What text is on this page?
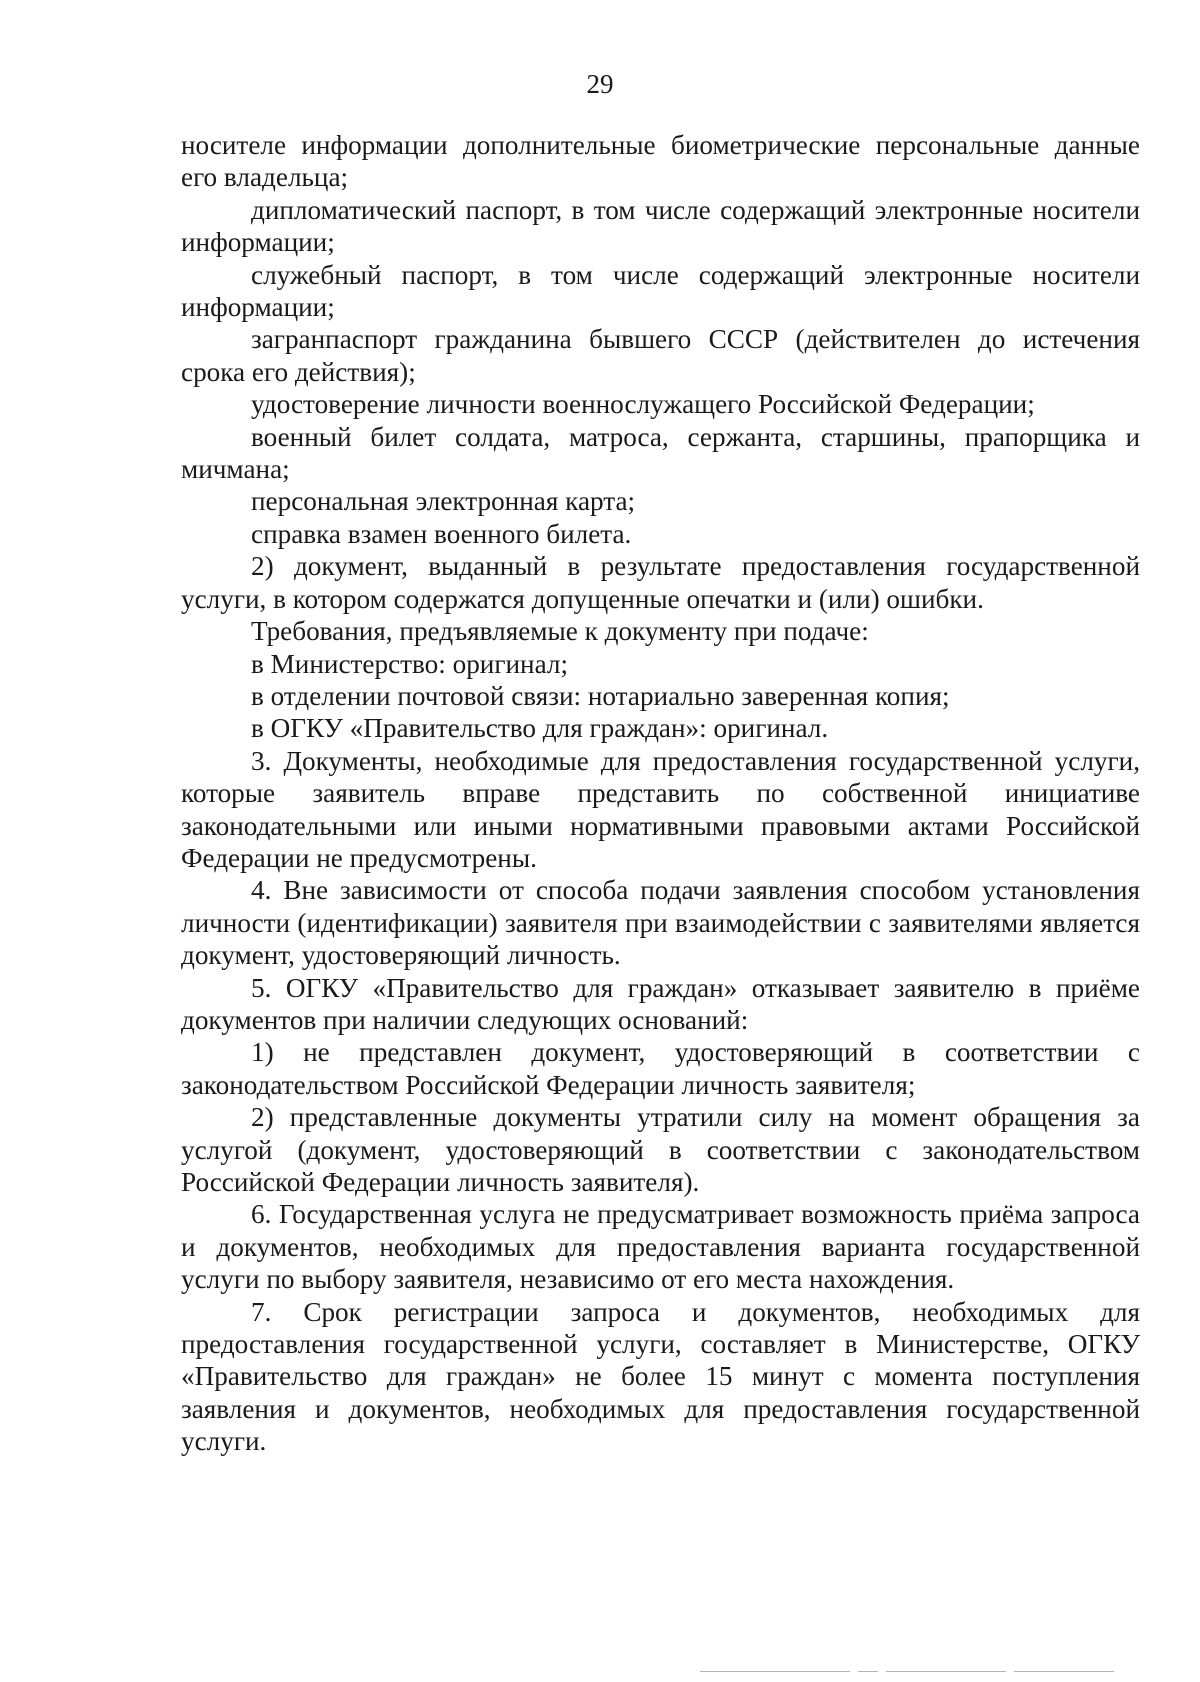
29

носителе информации дополнительные биометрические персональные данные его владельца;

дипломатический паспорт, в том числе содержащий электронные носители информации;

служебный паспорт, в том числе содержащий электронные носители информации;

загранпаспорт гражданина бывшего СССР (действителен до истечения срока его действия);

удостоверение личности военнослужащего Российской Федерации;

военный билет солдата, матроса, сержанта, старшины, прапорщика и мичмана;

персональная электронная карта;

справка взамен военного билета.

2) документ, выданный в результате предоставления государственной услуги, в котором содержатся допущенные опечатки и (или) ошибки.

Требования, предъявляемые к документу при подаче:

в Министерство: оригинал;

в отделении почтовой связи: нотариально заверенная копия;

в ОГКУ «Правительство для граждан»: оригинал.

3. Документы, необходимые для предоставления государственной услуги, которые заявитель вправе представить по собственной инициативе законодательными или иными нормативными правовыми актами Российской Федерации не предусмотрены.

4. Вне зависимости от способа подачи заявления способом установления личности (идентификации) заявителя при взаимодействии с заявителями является документ, удостоверяющий личность.

5. ОГКУ «Правительство для граждан» отказывает заявителю в приёме документов при наличии следующих оснований:

1) не представлен документ, удостоверяющий в соответствии с законодательством Российской Федерации личность заявителя;

2) представленные документы утратили силу на момент обращения за услугой (документ, удостоверяющий в соответствии с законодательством Российской Федерации личность заявителя).

6. Государственная услуга не предусматривает возможность приёма запроса и документов, необходимых для предоставления варианта государственной услуги по выбору заявителя, независимо от его места нахождения.

7. Срок регистрации запроса и документов, необходимых для предоставления государственной услуги, составляет в Министерстве, ОГКУ «Правительство для граждан» не более 15 минут с момента поступления заявления и документов, необходимых для предоставления государственной услуги.
